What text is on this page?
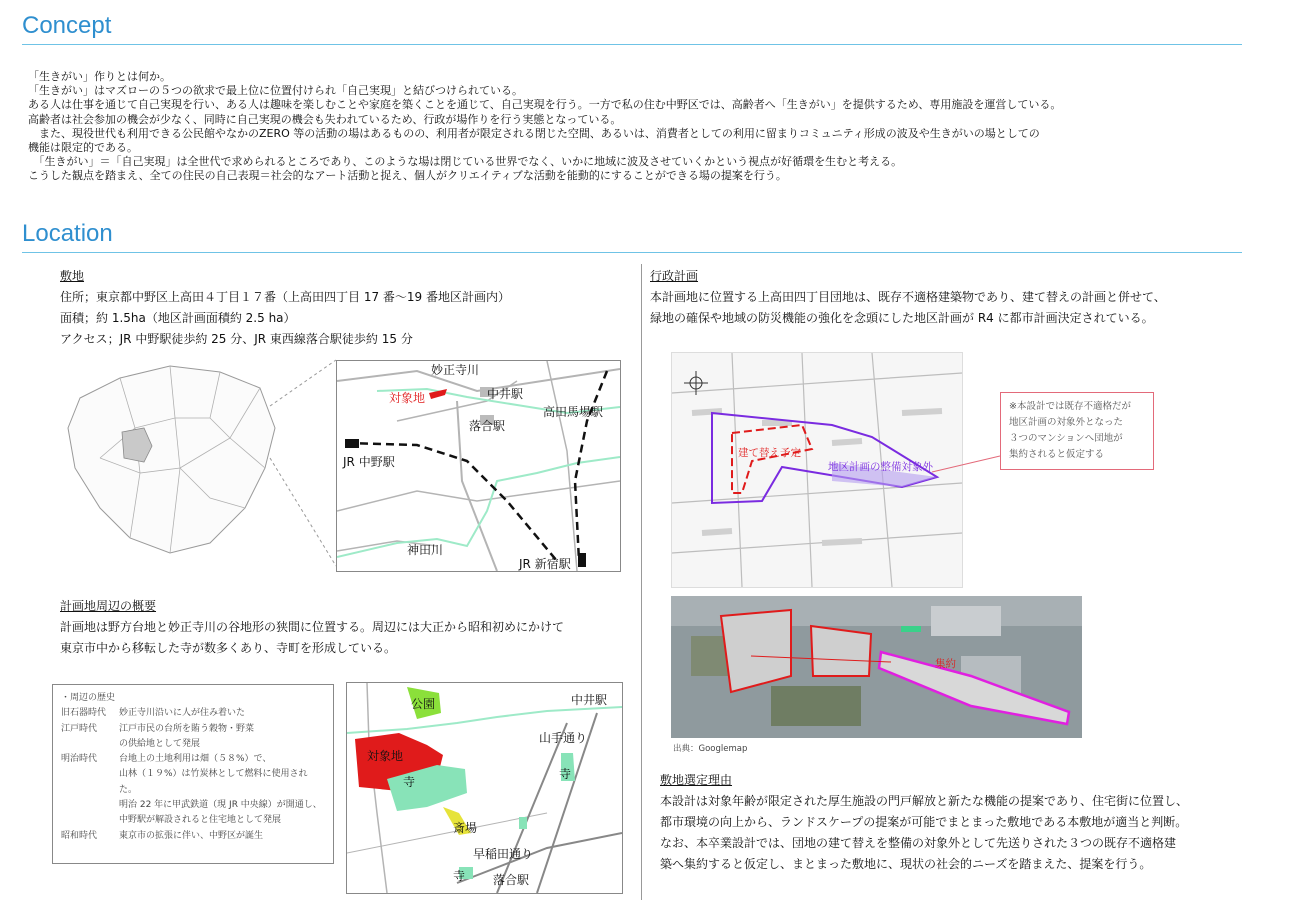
Concept

「生きがい」作りとは何か。

「生きがい」はマズローの５つの欲求で最上位に位置付けられ「自己実現」と結びつけられている。

ある人は仕事を通じて自己実現を行い、ある人は趣味を楽しむことや家庭を築くことを通じて、自己実現を行う。一方で私の住む中野区では、高齢者へ「生きがい」を提供するため、専用施設を運営している。

高齢者は社会参加の機会が少なく、同時に自己実現の機会も失われているため、行政が場作りを行う実態となっている。

　また、現役世代も利用できる公民館やなかのZERO 等の活動の場はあるものの、利用者が限定される閉じた空間、あるいは、消費者としての利用に留まりコミュニティ形成の波及や生きがいの場としての

機能は限定的である。

　「生きがい」＝「自己実現」は全世代で求められるところであり、このような場は閉じている世界でなく、いかに地域に波及させていくかという視点が好循環を生むと考える。

こうした観点を踏まえ、全ての住民の自己表現＝社会的なアート活動と捉え、個人がクリエイティブな活動を能動的にすることができる場の提案を行う。

Location

敷地

住所；東京都中野区上高田４丁目１７番（上高田四丁目 17 番〜19 番地区計画内）

面積；約 1.5ha（地区計画面積約 2.5 ha）

アクセス；JR 中野駅徒歩約 25 分、JR 東西線落合駅徒歩約 15 分

妙正寺川
対象地	中井駅
高田馬場駅
落合駅
JR 中野駅
神田川
JR 新宿駅

計画地周辺の概要

計画地は野方台地と妙正寺川の谷地形の狭間に位置する。周辺には大正から昭和初めにかけて

東京市中から移転した寺が数多くあり、寺町を形成している。

・周辺の歴史
旧石器時代	妙正寺川沿いに人が住み着いた
江戸時代	江戸市民の台所を賄う穀物・野菜
の供給地として発展
明治時代	台地上の土地利用は畑（５８%）で、
山林（１９%）は竹炭林として燃料に使用された。
明治 22 年に甲武鉄道（現 JR 中央線）が開通し、
中野駅が解設されると住宅地として発展
昭和時代	東京市の拡張に伴い、中野区が誕生
公園	中井駅
対象地
山手通り
寺
寺
斎場
早稲田通り
寺 落合駅

行政計画

本計画地に位置する上高田四丁目団地は、既存不適格建築物であり、建て替えの計画と併せて、

緑地の確保や地域の防災機能の強化を念頭にした地区計画が R4 に都市計画決定されている。

建て替え予定
地区計画の整備対象外
※本設計では既存不適格だが
地区計画の対象外となった
３つのマンションへ団地が
集約されると仮定する
集約
出典：Googlemap

敷地選定理由

本設計は対象年齢が限定された厚生施設の門戸解放と新たな機能の提案であり、住宅街に位置し、

都市環境の向上から、ランドスケープの提案が可能でまとまった敷地である本敷地が適当と判断。

なお、本卒業設計では、団地の建て替えを整備の対象外として先送りされた３つの既存不適格建

築へ集約すると仮定し、まとまった敷地に、現状の社会的ニーズを踏まえた、提案を行う。
